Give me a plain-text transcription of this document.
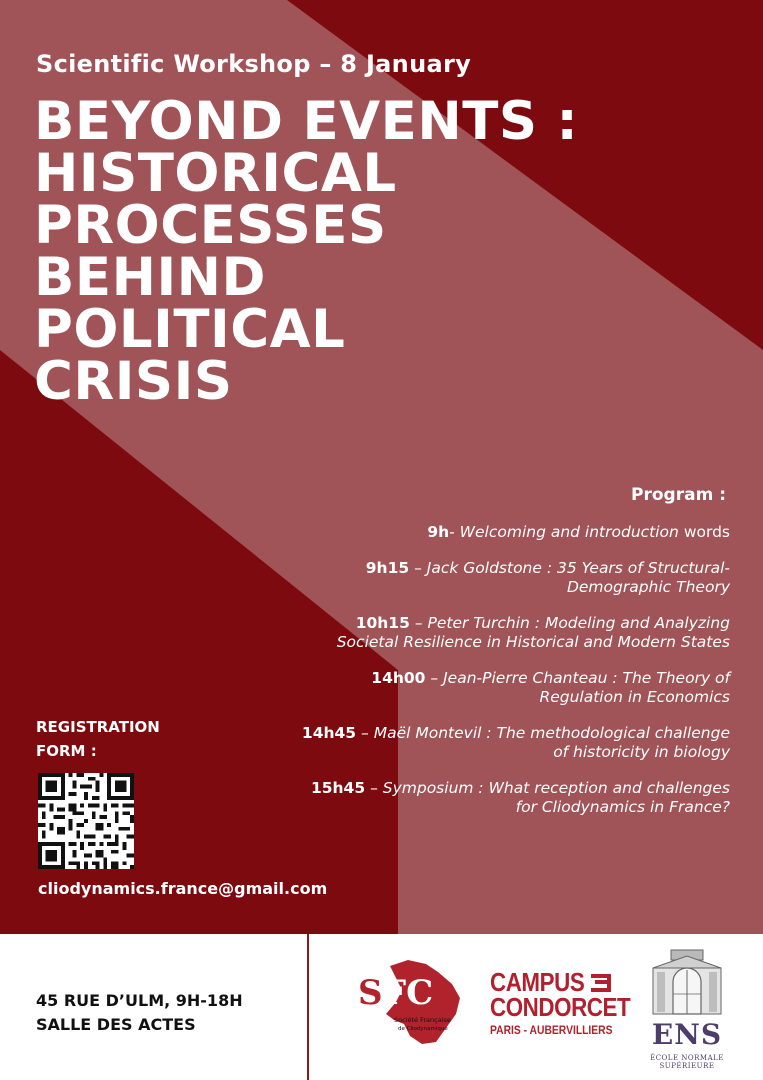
Scientific Workshop – 8 January
BEYOND EVENTS :
HISTORICAL
PROCESSES
BEHIND
POLITICAL
CRISIS
Program :
9h- Welcoming and introduction words
9h15 – Jack Goldstone : 35 Years of Structural-Demographic Theory
10h15 – Peter Turchin : Modeling and Analyzing Societal Resilience in Historical and Modern States
14h00 – Jean-Pierre Chanteau : The Theory of Regulation in Economics
14h45 – Maël Montevil : The methodological challenge of historicity in biology
15h45 – Symposium : What reception and challenges for Cliodynamics in France?
REGISTRATION
FORM :
cliodynamics.france@gmail.com
45 RUE D’ULM, 9H-18H
SALLE DES ACTES
S FC
Société Française
de Cliodynamique
CAMPUS
CONDORCET
PARIS - AUBERVILLIERS ENS
ÉCOLE NORMALE
SUPÉRIEURE
